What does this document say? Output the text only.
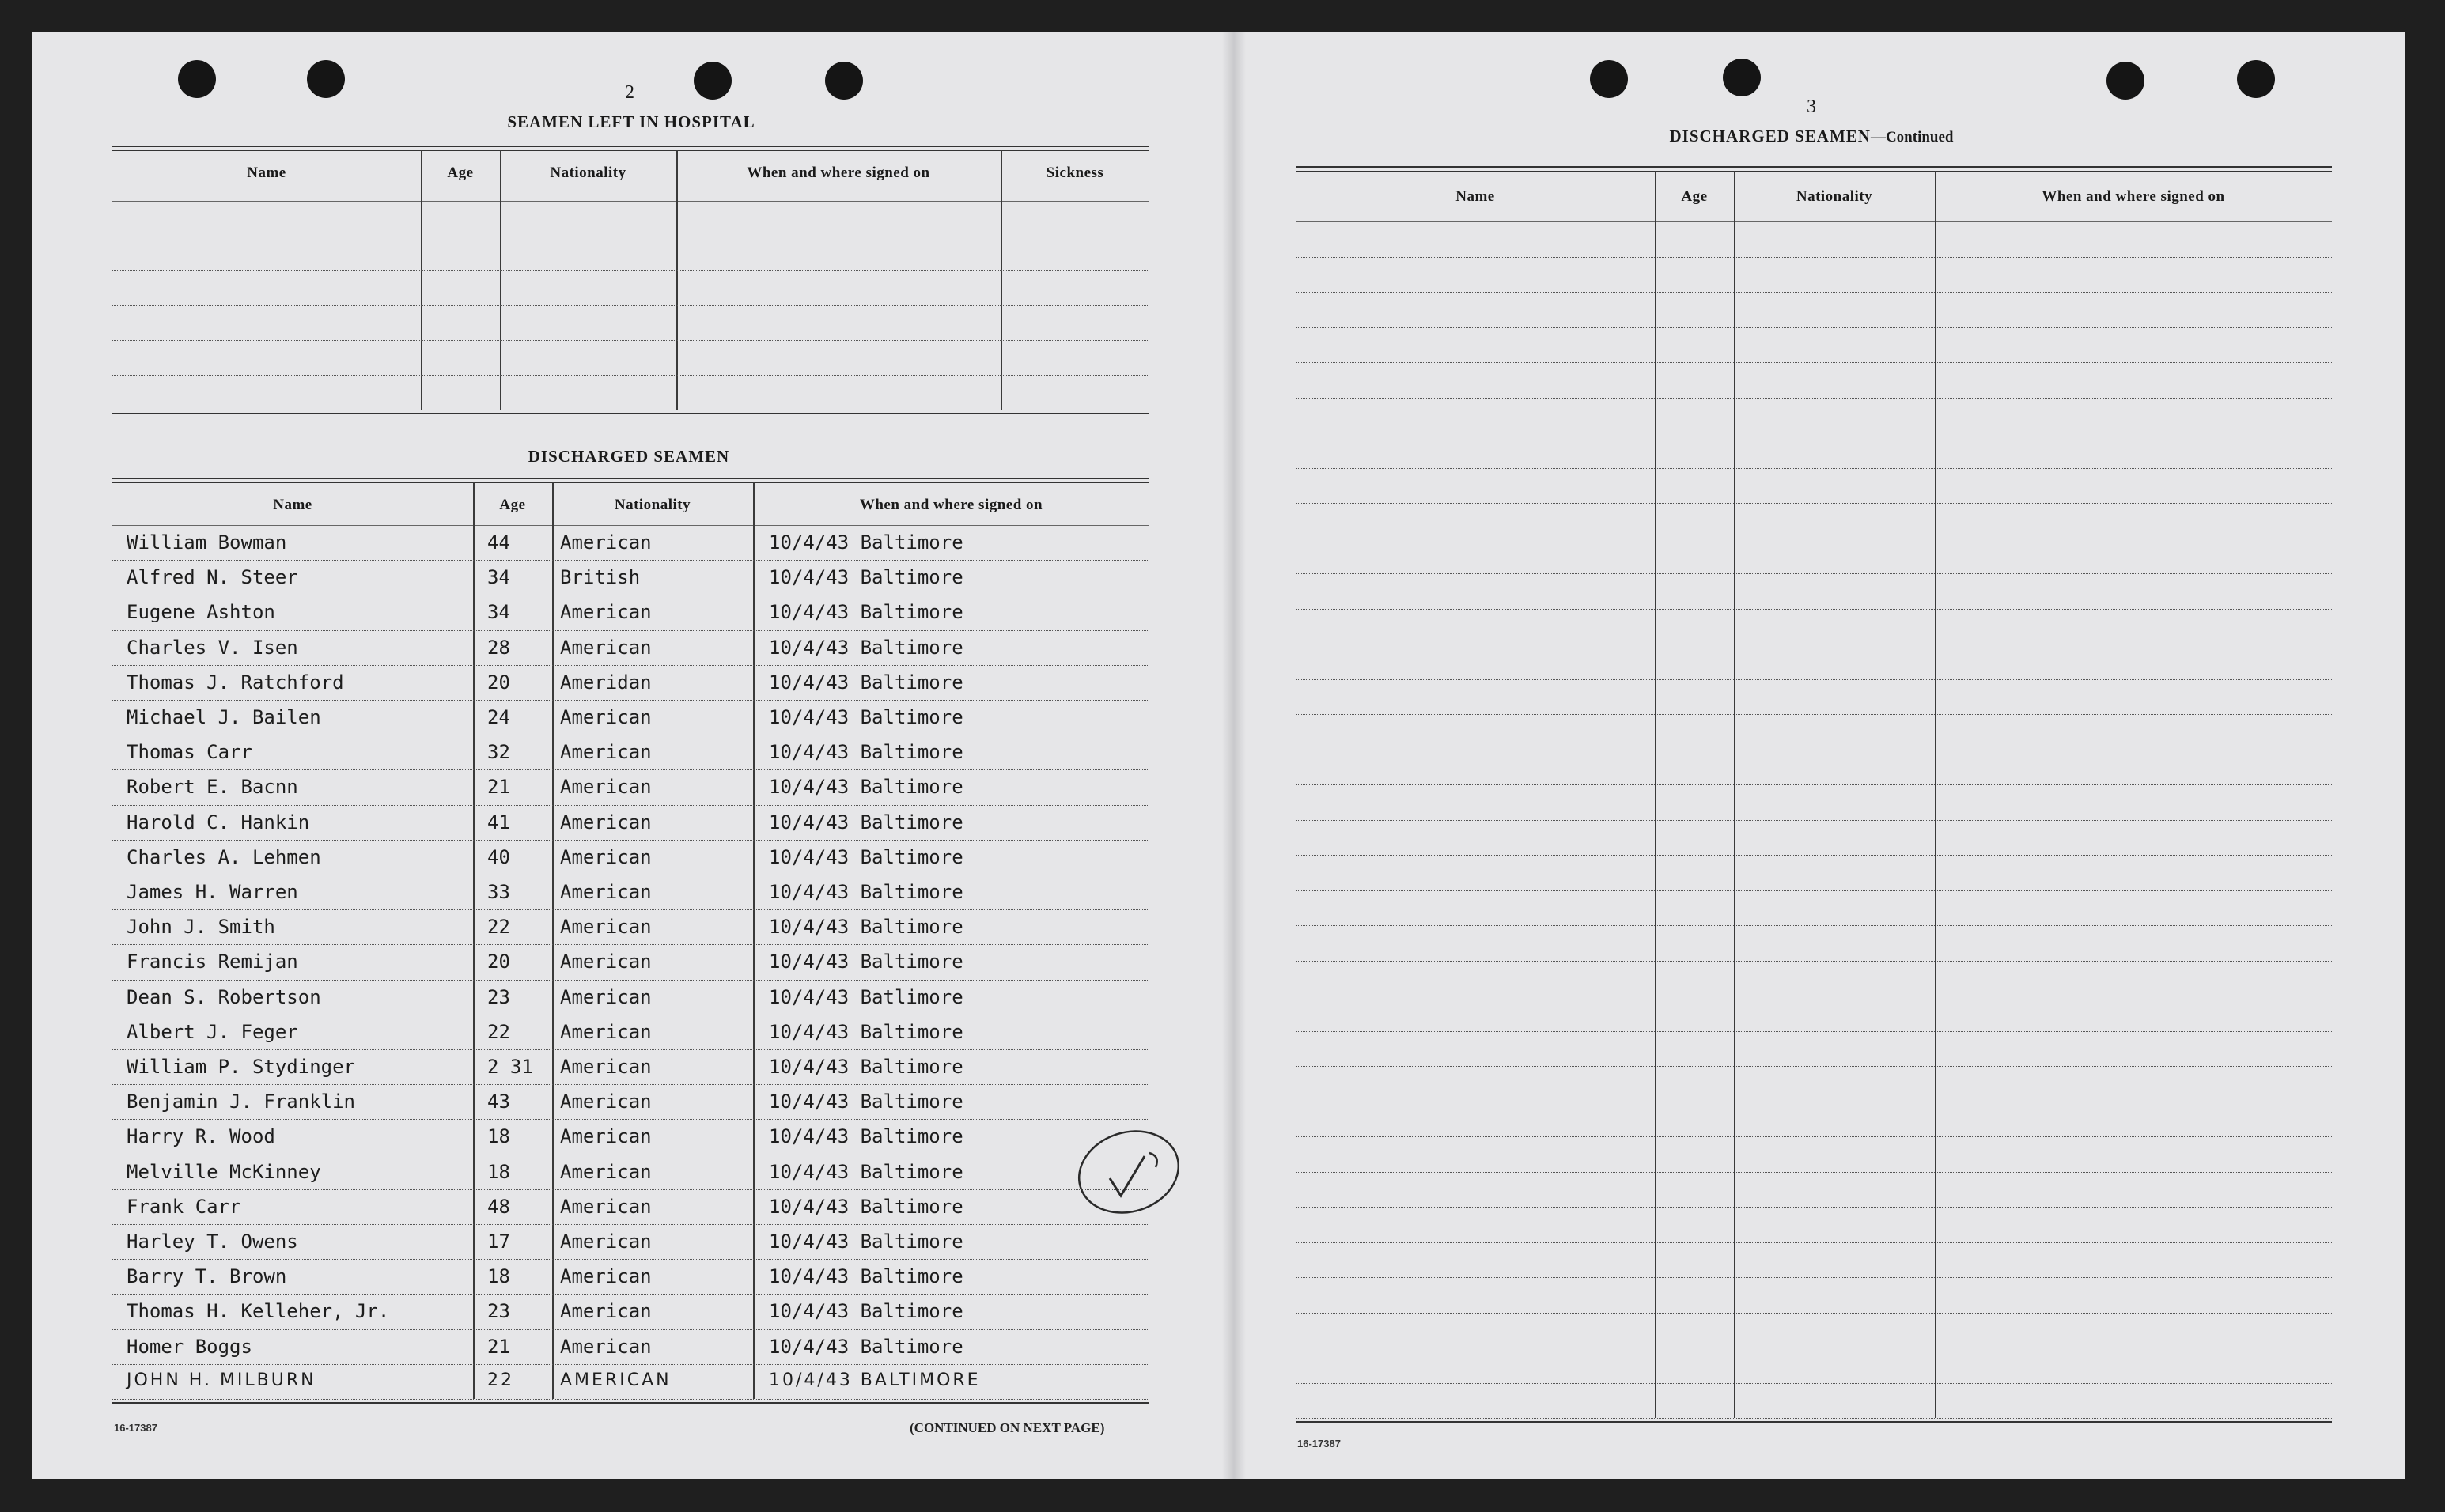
2
SEAMEN LEFT IN HOSPITAL
Name	Age	Nationality	When and where signed on	Sickness
DISCHARGED SEAMEN
Name	Age	Nationality	When and where signed on
William Bowman	44	American	10/4/43 Baltimore
Alfred N. Steer	34	British	10/4/43 Baltimore
Eugene Ashton	34	American	10/4/43 Baltimore
Charles V. Isen	28	American	10/4/43 Baltimore
Thomas J. Ratchford	20	Ameridan	10/4/43 Baltimore
Michael J. Bailen	24	American	10/4/43 Baltimore
Thomas Carr	32	American	10/4/43 Baltimore
Robert E. Bacnn	21	American	10/4/43 Baltimore
Harold C. Hankin	41	American	10/4/43 Baltimore
Charles A. Lehmen	40	American	10/4/43 Baltimore
James H. Warren	33	American	10/4/43 Baltimore
John J. Smith	22	American	10/4/43 Baltimore
Francis Remijan	20	American	10/4/43 Baltimore
Dean S. Robertson	23	American	10/4/43 Batlimore
Albert J. Feger	22	American	10/4/43 Baltimore
William P. Stydinger	2 31 American	10/4/43 Baltimore
Benjamin J. Franklin	43	American	10/4/43 Baltimore
Harry R. Wood	18	American	10/4/43 Baltimore
Melville McKinney	18	American	10/4/43 Baltimore
Frank Carr	48	American	10/4/43 Baltimore
Harley T. Owens	17	American	10/4/43 Baltimore
Barry T. Brown	18	American	10/4/43 Baltimore
Thomas H. Kelleher, Jr.	23	American	10/4/43 Baltimore
Homer Boggs	21	American	10/4/43 Baltimore
JOHN H. MILBURN	22	AMERICAN	10/4/43 BALTIMORE
16-17387	(CONTINUED ON NEXT PAGE)
3
DISCHARGED SEAMEN—Continued
Name	Age	Nationality	When and where signed on
16-17387
